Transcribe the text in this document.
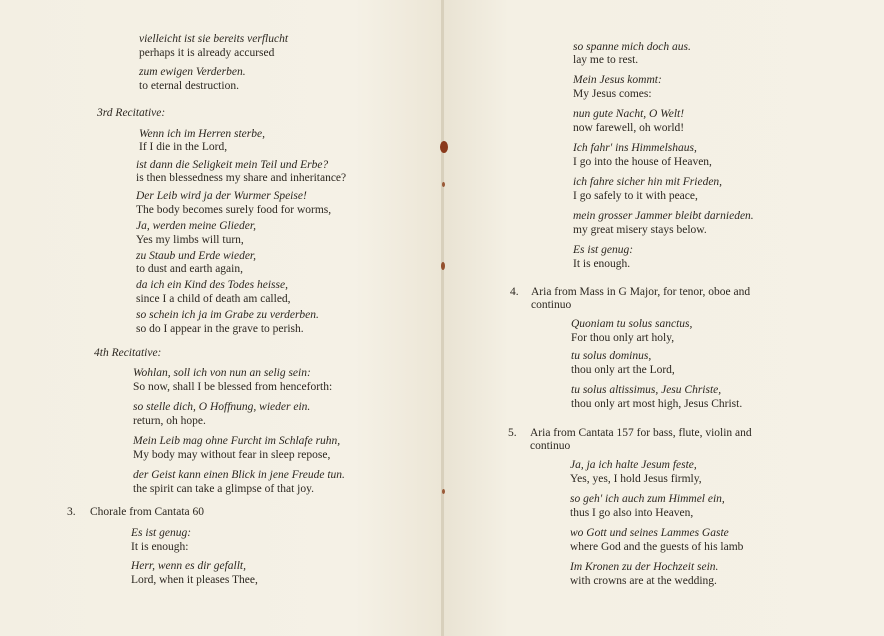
vielleicht ist sie bereits verflucht
perhaps it is already accursed
zum ewigen Verderben.
to eternal destruction.
3rd Recitative:
Wenn ich im Herren sterbe,
If I die in the Lord,
ist dann die Seligkeit mein Teil und Erbe?
is then blessedness my share and inheritance?
Der Leib wird ja der Wurmer Speise!
The body becomes surely food for worms,
Ja, werden meine Glieder,
Yes my limbs will turn,
zu Staub und Erde wieder,
to dust and earth again,
da ich ein Kind des Todes heisse,
since I a child of death am called,
so schein ich ja im Grabe zu verderben.
so do I appear in the grave to perish.
4th Recitative:
Wohlan, soll ich von nun an selig sein:
So now, shall I be blessed from henceforth:
so stelle dich, O Hoffnung, wieder ein.
return, oh hope.
Mein Leib mag ohne Furcht im Schlafe ruhn,
My body may without fear in sleep repose,
der Geist kann einen Blick in jene Freude tun.
the spirit can take a glimpse of that joy.
3. Chorale from Cantata 60
Es ist genug:
It is enough:
Herr, wenn es dir gefallt,
Lord, when it pleases Thee,
so spanne mich doch aus.
lay me to rest.
Mein Jesus kommt:
My Jesus comes:
nun gute Nacht, O Welt!
now farewell, oh world!
Ich fahr' ins Himmelshaus,
I go into the house of Heaven,
ich fahre sicher hin mit Frieden,
I go safely to it with peace,
mein grosser Jammer bleibt darnieden.
my great misery stays below.
Es ist genug:
It is enough.
4. Aria from Mass in G Major, for tenor, oboe and
continuo
Quoniam tu solus sanctus,
For thou only art holy,
tu solus dominus,
thou only art the Lord,
tu solus altissimus, Jesu Christe,
thou only art most high, Jesus Christ.
5. Aria from Cantata 157 for bass, flute, violin and
continuo
Ja, ja ich halte Jesum feste,
Yes, yes, I hold Jesus firmly,
so geh' ich auch zum Himmel ein,
thus I go also into Heaven,
wo Gott und seines Lammes Gaste
where God and the guests of his lamb
Im Kronen zu der Hochzeit sein.
with crowns are at the wedding.
